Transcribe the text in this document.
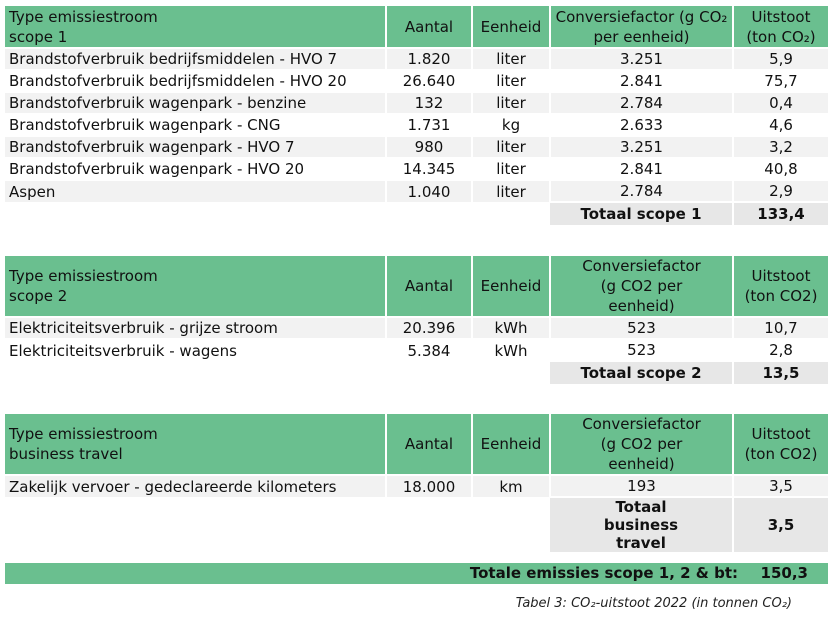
Type emissiestroom
scope 1	Aantal	Eenheid	Conversiefactor (g CO₂ per eenheid)	Uitstoot (ton CO₂)
Brandstofverbruik bedrijfsmiddelen - HVO 7	1.820	liter	3.251	5,9
Brandstofverbruik bedrijfsmiddelen - HVO 20	26.640	liter	2.841	75,7
Brandstofverbruik wagenpark - benzine	132	liter	2.784	0,4
Brandstofverbruik wagenpark - CNG	1.731	kg	2.633	4,6
Brandstofverbruik wagenpark - HVO 7	980	liter	3.251	3,2
Brandstofverbruik wagenpark - HVO 20	14.345	liter	2.841	40,8
Aspen	1.040	liter	2.784	2,9
			Totaal scope 1	133,4
Type emissiestroom
scope 2	Aantal	Eenheid	Conversiefactor (g CO2 per eenheid)	Uitstoot (ton CO2)
Elektriciteitsverbruik - grijze stroom	20.396	kWh	523	10,7
Elektriciteitsverbruik - wagens	5.384	kWh	523	2,8
			Totaal scope 2	13,5
Type emissiestroom
business travel	Aantal	Eenheid	Conversiefactor (g CO2 per eenheid)	Uitstoot (ton CO2)
Zakelijk vervoer - gedeclareerde kilometers	18.000	km	193	3,5
			Totaal business travel	3,5
Totale emissies scope 1, 2 & bt: 150,3
Tabel 3: CO₂-uitstoot 2022 (in tonnen CO₂)
